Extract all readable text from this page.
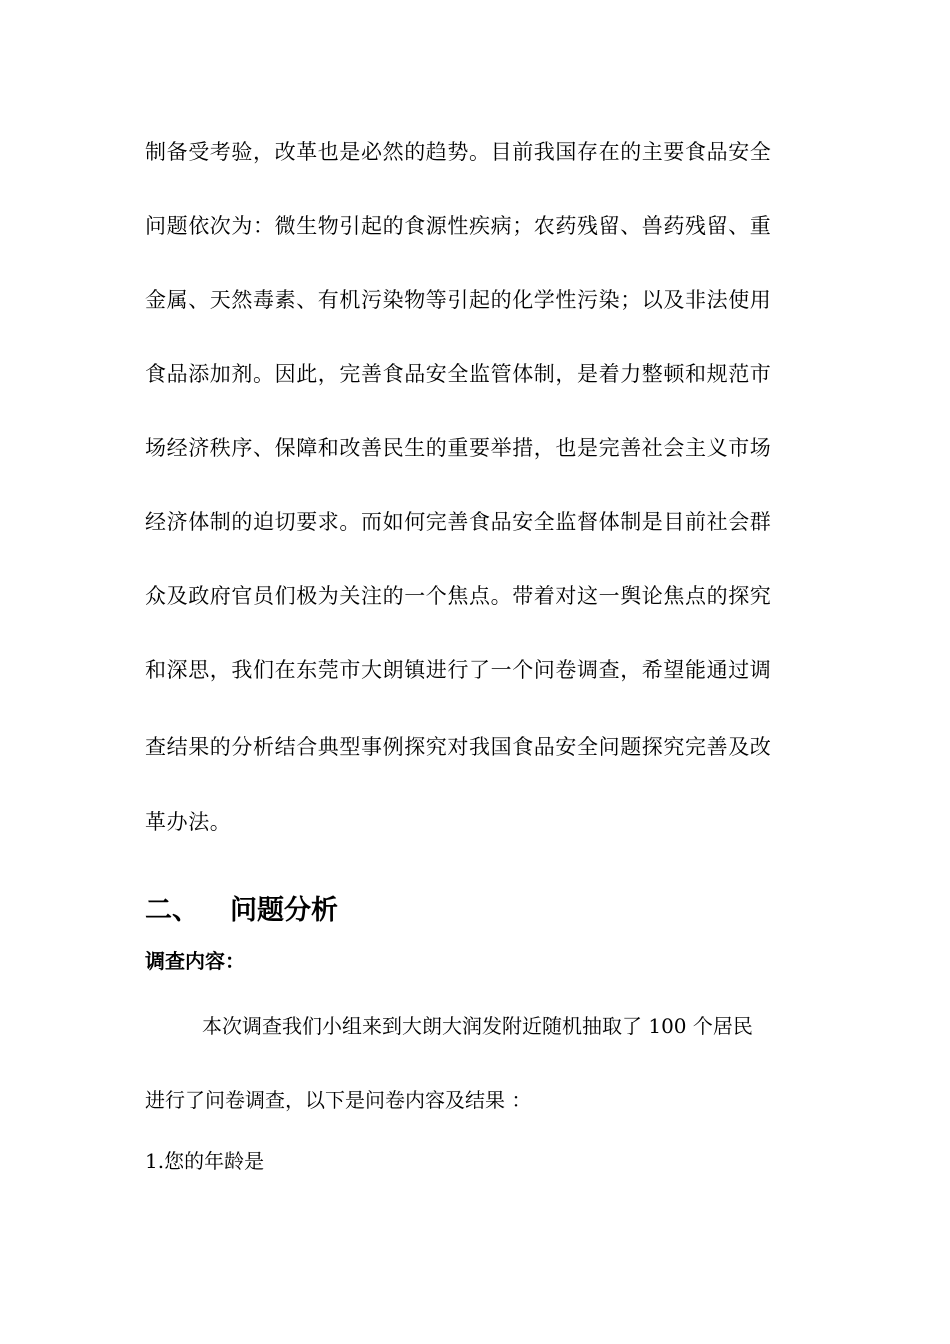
制备受考验，改革也是必然的趋势。目前我国存在的主要食品安全
问题依次为：微生物引起的食源性疾病；农药残留、兽药残留、重
金属、天然毒素、有机污染物等引起的化学性污染；以及非法使用
食品添加剂。因此，完善食品安全监管体制，是着力整顿和规范市
场经济秩序、保障和改善民生的重要举措，也是完善社会主义市场
经济体制的迫切要求。而如何完善食品安全监督体制是目前社会群
众及政府官员们极为关注的一个焦点。带着对这一舆论焦点的探究
和深思，我们在东莞市大朗镇进行了一个问卷调查，希望能通过调
查结果的分析结合典型事例探究对我国食品安全问题探究完善及改
革办法。
二、 问题分析
调查内容：
本次调查我们小组来到大朗大润发附近随机抽取了 100 个居民
进行了问卷调查，以下是问卷内容及结果 ：
1.您的年龄是
